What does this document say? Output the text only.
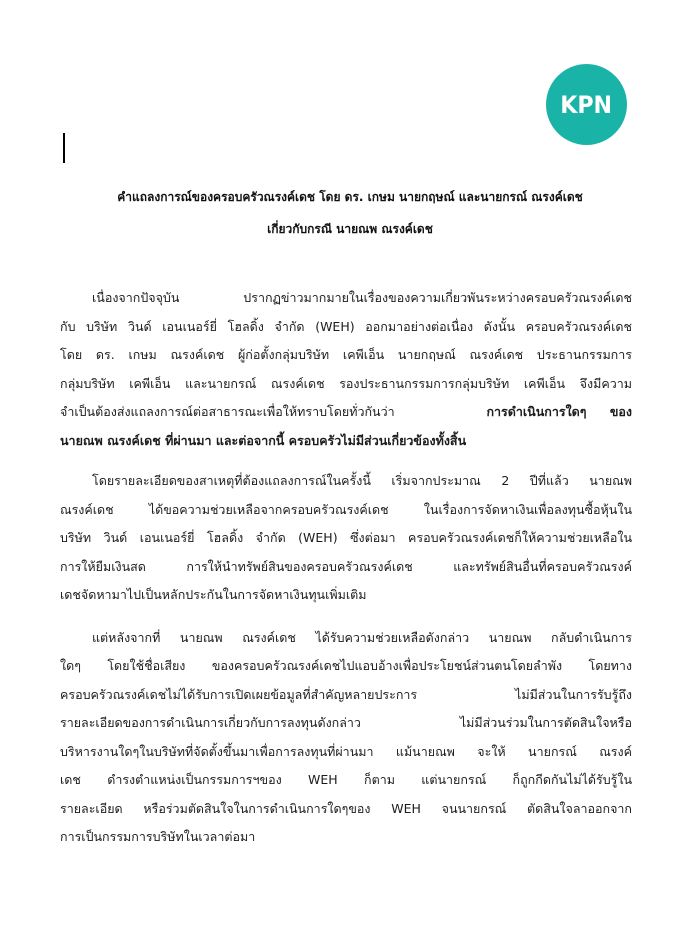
KPN
คำแถลงการณ์ของครอบครัวณรงค์เดช โดย ดร. เกษม นายกฤษณ์ และนายกรณ์ ณรงค์เดช
เกี่ยวกับกรณี นายณพ ณรงค์เดช
เนื่องจากปัจจุบัน ปรากฏข่าวมากมายในเรื่องของความเกี่ยวพันระหว่างครอบครัวณรงค์เดช
กับ บริษัท วินด์ เอนเนอร์ยี่ โฮลดิ้ง จำกัด (WEH) ออกมาอย่างต่อเนื่อง ดังนั้น ครอบครัวณรงค์เดช
โดย ดร. เกษม ณรงค์เดช ผู้ก่อตั้งกลุ่มบริษัท เคพีเอ็น นายกฤษณ์ ณรงค์เดช ประธานกรรมการ
กลุ่มบริษัท เคพีเอ็น และนายกรณ์ ณรงค์เดช รองประธานกรรมการกลุ่มบริษัท เคพีเอ็น จึงมีความ
จำเป็นต้องส่งแถลงการณ์ต่อสาธารณะเพื่อให้ทราบโดยทั่วกันว่า	การดำเนินการใดๆ ของ
นายณพ ณรงค์เดช ที่ผ่านมา และต่อจากนี้ ครอบครัวไม่มีส่วนเกี่ยวข้องทั้งสิ้น
โดยรายละเอียดของสาเหตุที่ต้องแถลงการณ์ในครั้งนี้ เริ่มจากประมาณ 2 ปีที่แล้ว นายณพ
ณรงค์เดช ได้ขอความช่วยเหลือจากครอบครัวณรงค์เดช ในเรื่องการจัดหาเงินเพื่อลงทุนซื้อหุ้นใน
บริษัท วินด์ เอนเนอร์ยี่ โฮลดิ้ง จำกัด (WEH) ซึ่งต่อมา ครอบครัวณรงค์เดชก็ให้ความช่วยเหลือใน
การให้ยืมเงินสด การให้นำทรัพย์สินของครอบครัวณรงค์เดช และทรัพย์สินอื่นที่ครอบครัวณรงค์
เดชจัดหามาไปเป็นหลักประกันในการจัดหาเงินทุนเพิ่มเติม
แต่หลังจากที่ นายณพ ณรงค์เดช ได้รับความช่วยเหลือดังกล่าว นายณพ กลับดำเนินการ
ใดๆ โดยใช้ชื่อเสียง ของครอบครัวณรงค์เดชไปแอบอ้างเพื่อประโยชน์ส่วนตนโดยลำพัง โดยทาง
ครอบครัวณรงค์เดชไม่ได้รับการเปิดเผยข้อมูลที่สำคัญหลายประการ ไม่มีส่วนในการรับรู้ถึง
รายละเอียดของการดำเนินการเกี่ยวกับการลงทุนดังกล่าว ไม่มีส่วนร่วมในการตัดสินใจหรือ
บริหารงานใดๆในบริษัทที่จัดตั้งขึ้นมาเพื่อการลงทุนที่ผ่านมา แม้นายณพ จะให้ นายกรณ์ ณรงค์
เดช ดำรงตำแหน่งเป็นกรรมการฯของ WEH ก็ตาม แต่นายกรณ์ ก็ถูกกีดกันไม่ได้รับรู้ใน
รายละเอียด หรือร่วมตัดสินใจในการดำเนินการใดๆของ WEH จนนายกรณ์ ตัดสินใจลาออกจาก
การเป็นกรรมการบริษัทในเวลาต่อมา
